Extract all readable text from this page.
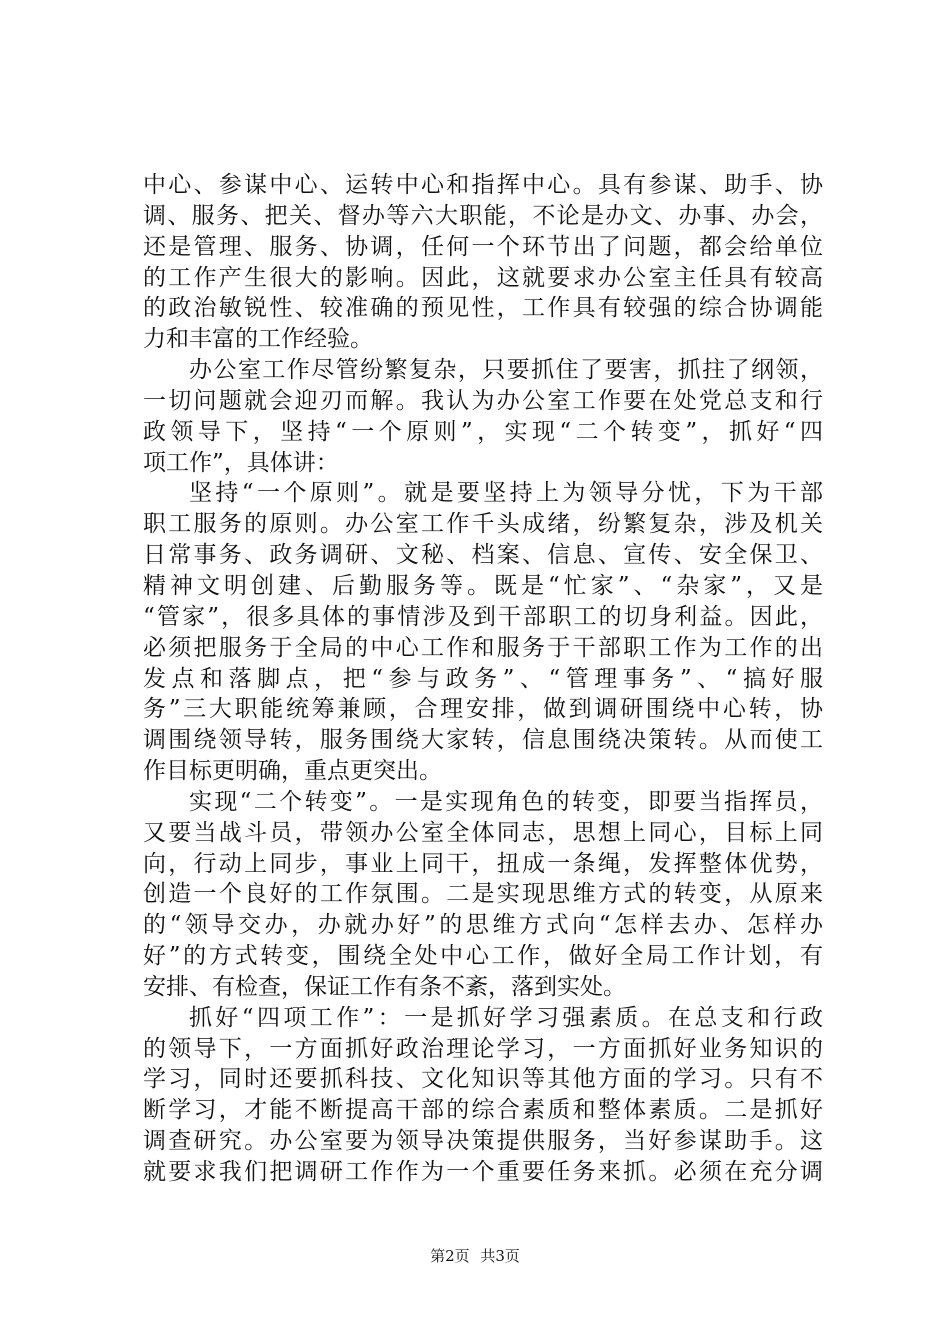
中心、参谋中心、运转中心和指挥中心。具有参谋、助手、协
调、服务、把关、督办等六大职能，不论是办文、办事、办会，
还是管理、服务、协调，任何一个环节出了问题，都会给单位
的工作产生很大的影响。因此，这就要求办公室主任具有较高
的政治敏锐性、较准确的预见性，工作具有较强的综合协调能
力和丰富的工作经验。
办公室工作尽管纷繁复杂，只要抓住了要害，抓拄了纲领，
一切问题就会迎刃而解。我认为办公室工作要在处党总支和行
政领导下，坚持“一个原则”，实现“二个转变”，抓好“四
项工作”，具体讲：
坚持“一个原则”。就是要坚持上为领导分忧，下为干部
职工服务的原则。办公室工作千头成绪，纷繁复杂，涉及机关
日常事务、政务调研、文秘、档案、信息、宣传、安全保卫、
精神文明创建、后勤服务等。既是“忙家”、“杂家”，又是
“管家”，很多具体的事情涉及到干部职工的切身利益。因此，
必须把服务于全局的中心工作和服务于干部职工作为工作的出
发点和落脚点，把“参与政务”、“管理事务”、“搞好服
务”三大职能统筹兼顾，合理安排，做到调研围绕中心转，协
调围绕领导转，服务围绕大家转，信息围绕决策转。从而使工
作目标更明确，重点更突出。
实现“二个转变”。一是实现角色的转变，即要当指挥员，
又要当战斗员，带领办公室全体同志，思想上同心，目标上同
向，行动上同步，事业上同干，扭成一条绳，发挥整体优势，
创造一个良好的工作氛围。二是实现思维方式的转变，从原来
的“领导交办，办就办好”的思维方式向“怎样去办、怎样办
好”的方式转变，围绕全处中心工作，做好全局工作计划，有
安排、有检查，保证工作有条不紊，落到实处。
抓好“四项工作”：一是抓好学习强素质。在总支和行政
的领导下，一方面抓好政治理论学习，一方面抓好业务知识的
学习，同时还要抓科技、文化知识等其他方面的学习。只有不
断学习，才能不断提高干部的综合素质和整体素质。二是抓好
调查研究。办公室要为领导决策提供服务，当好参谋助手。这
就要求我们把调研工作作为一个重要任务来抓。必须在充分调
第2页 共3页
